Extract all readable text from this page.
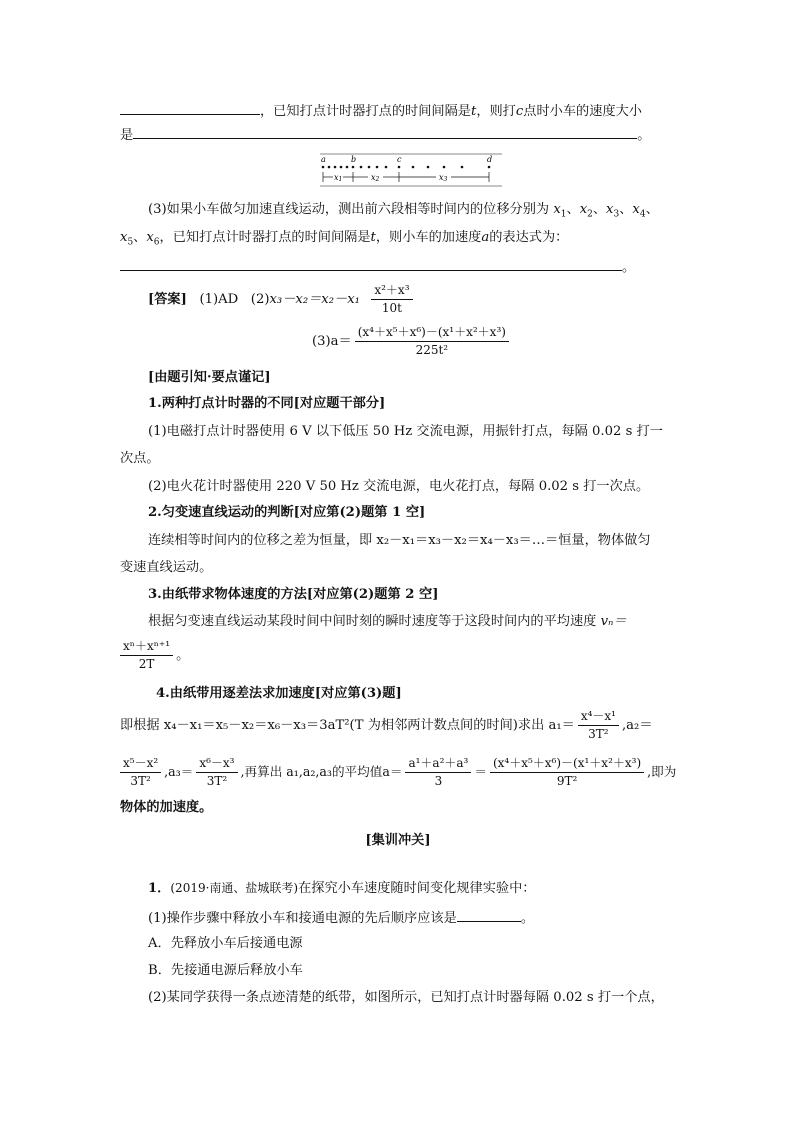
，已知打点计时器打点的时间间隔是t，则打c点时小车的速度大小
是	。
a	b	c	d
x1	x2	x3
(3)如果小车做匀加速直线运动，测出前六段相等时间内的位移分别为 $x_1$、$x_2$、$x_3$、$x_4$、
$x_5$、$x_6$，已知打点计时器打点的时间间隔是t，则小车的加速度a的表达式为：
。
[答案] (1)AD $(2)x_3-x_2=x_2-x_1 \frac{\text{x²＋x³}}{10t}$
$(3)a= \frac{\text{(x⁴＋x⁵＋x⁶)－(x¹＋x²＋x³)}}{\text{225t²}}$
[由题引知·要点谨记]
1.两种打点计时器的不同[对应题干部分]
(1)电磁打点计时器使用 6 V 以下低压 50 Hz 交流电源，用振针打点，每隔 0.02 s 打一
次点。
(2)电火花计时器使用 220 V 50 Hz 交流电源，电火花打点，每隔 0.02 s 打一次点。
2.匀变速直线运动的判断[对应第(2)题第 1 空]
连续相等时间内的位移之差为恒量，即 x₂－x₁＝x₃－x₂＝x₄－x₃＝…＝恒量，物体做匀
变速直线运动。
3.由纸带求物体速度的方法[对应第(2)题第 2 空]
根据匀变速直线运动某段时间中间时刻的瞬时速度等于这段时间内的平均速度 vₙ＝
$\frac{\text{xⁿ＋xⁿ⁺¹}}{2T}$ 。
4.由纸带用逐差法求加速度[对应第(3)题]
即根据 x₄－x₁＝x₅－x₂＝x₆－x₃＝3aT²(T 为相邻两计数点间的时间)求出 $a_1= \frac{\text{x⁴－x¹}}{\text{3T²}} ,a_2=$
$\frac{\text{x⁵－x²}}{\text{3T²}} ,a_3= \frac{\text{x⁶－x³}}{\text{3T²}}$ ,再算出 a₁,a₂,a₃的平均值$a= \frac{\text{a¹＋a²＋a³}}{3} = \frac{\text{(x⁴＋x⁵＋x⁶)－(x¹＋x²＋x³)}}{\text{9T²}}$ ,即为
物体的加速度。
[集训冲关]
1．(2019·南通、盐城联考)在探究小车速度随时间变化规律实验中：
(1)操作步骤中释放小车和接通电源的先后顺序应该是	。
A．先释放小车后接通电源
B．先接通电源后释放小车
(2)某同学获得一条点迹清楚的纸带，如图所示，已知打点计时器每隔 0.02 s 打一个点，
